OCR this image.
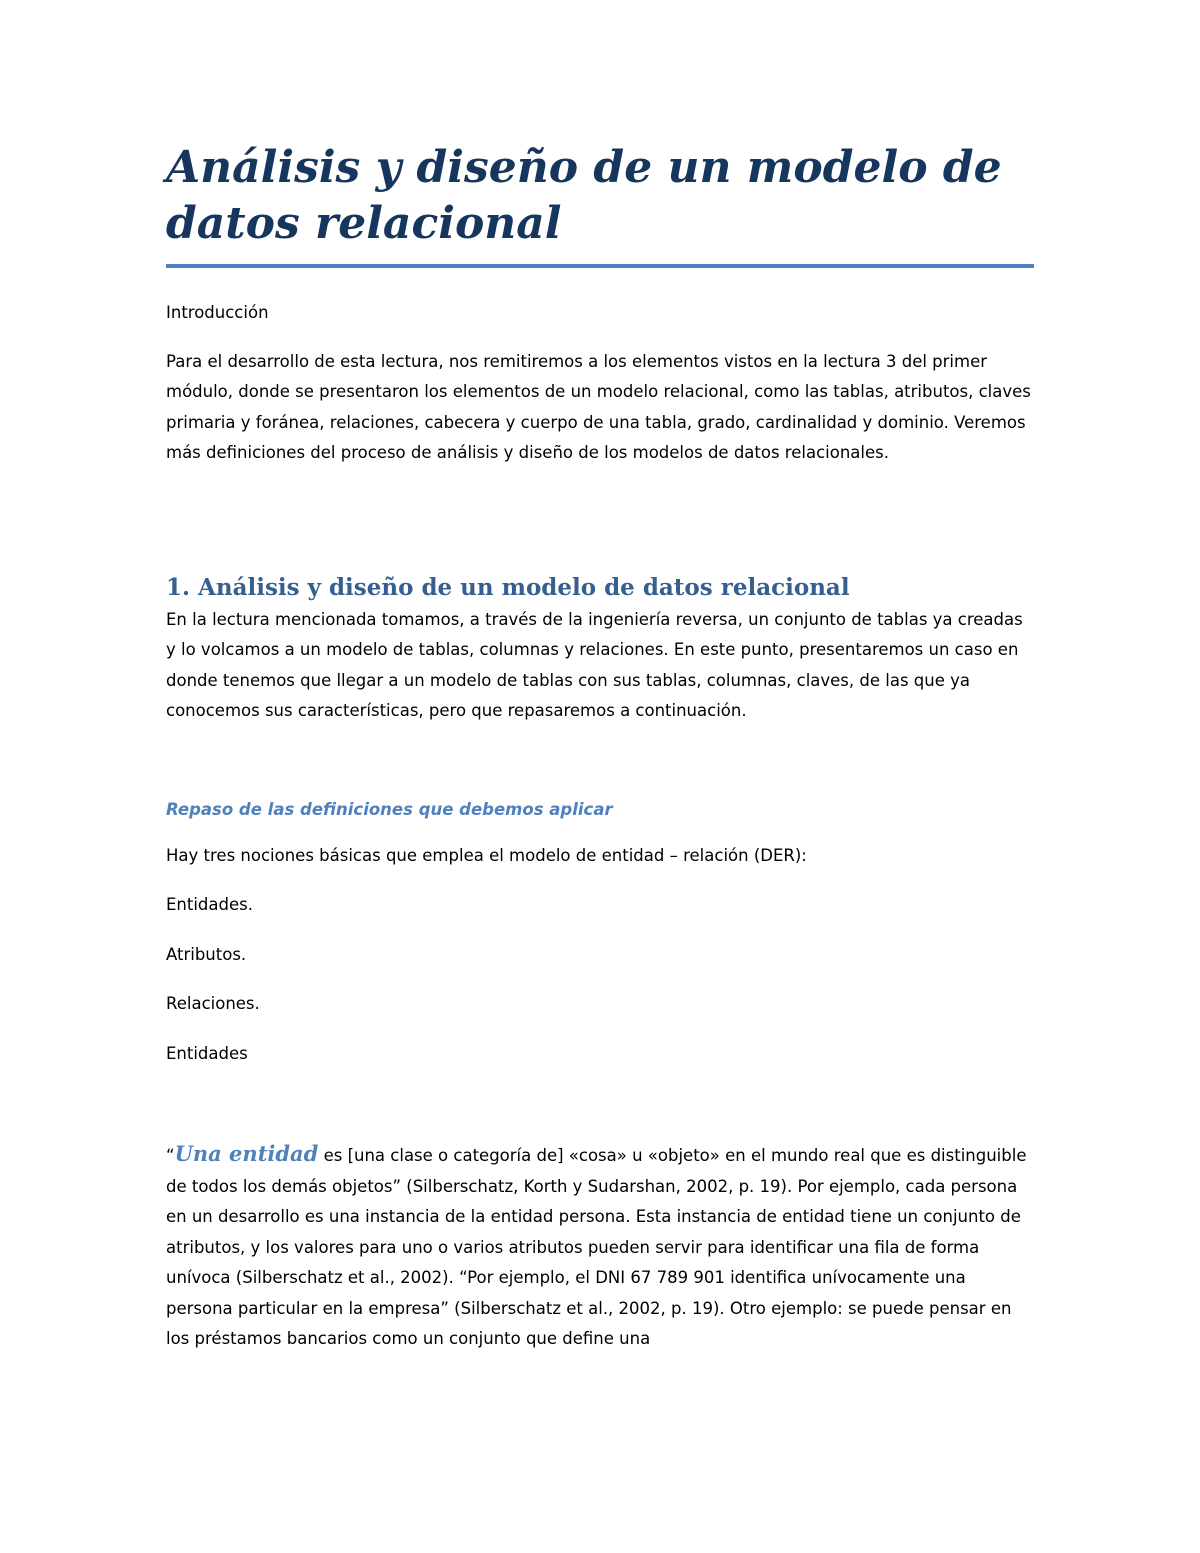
Análisis y diseño de un modelo de datos relacional

Introducción

Para el desarrollo de esta lectura, nos remitiremos a los elementos vistos en la lectura 3 del primer módulo, donde se presentaron los elementos de un modelo relacional, como las tablas, atributos, claves primaria y foránea, relaciones, cabecera y cuerpo de una tabla, grado, cardinalidad y dominio. Veremos más definiciones del proceso de análisis y diseño de los modelos de datos relacionales.

1. Análisis y diseño de un modelo de datos relacional

En la lectura mencionada tomamos, a través de la ingeniería reversa, un conjunto de tablas ya creadas y lo volcamos a un modelo de tablas, columnas y relaciones. En este punto, presentaremos un caso en donde tenemos que llegar a un modelo de tablas con sus tablas, columnas, claves, de las que ya conocemos sus características, pero que repasaremos a continuación.

Repaso de las definiciones que debemos aplicar

Hay tres nociones básicas que emplea el modelo de entidad – relación (DER):

Entidades.

Atributos.

Relaciones.

Entidades

“Una entidad es [una clase o categoría de] «cosa» u «objeto» en el mundo real que es distinguible de todos los demás objetos” (Silberschatz, Korth y Sudarshan, 2002, p. 19). Por ejemplo, cada persona en un desarrollo es una instancia de la entidad persona. Esta instancia de entidad tiene un conjunto de atributos, y los valores para uno o varios atributos pueden servir para identificar una fila de forma unívoca (Silberschatz et al., 2002). “Por ejemplo, el DNI 67 789 901 identifica unívocamente una persona particular en la empresa” (Silberschatz et al., 2002, p. 19). Otro ejemplo: se puede pensar en los préstamos bancarios como un conjunto que define una
